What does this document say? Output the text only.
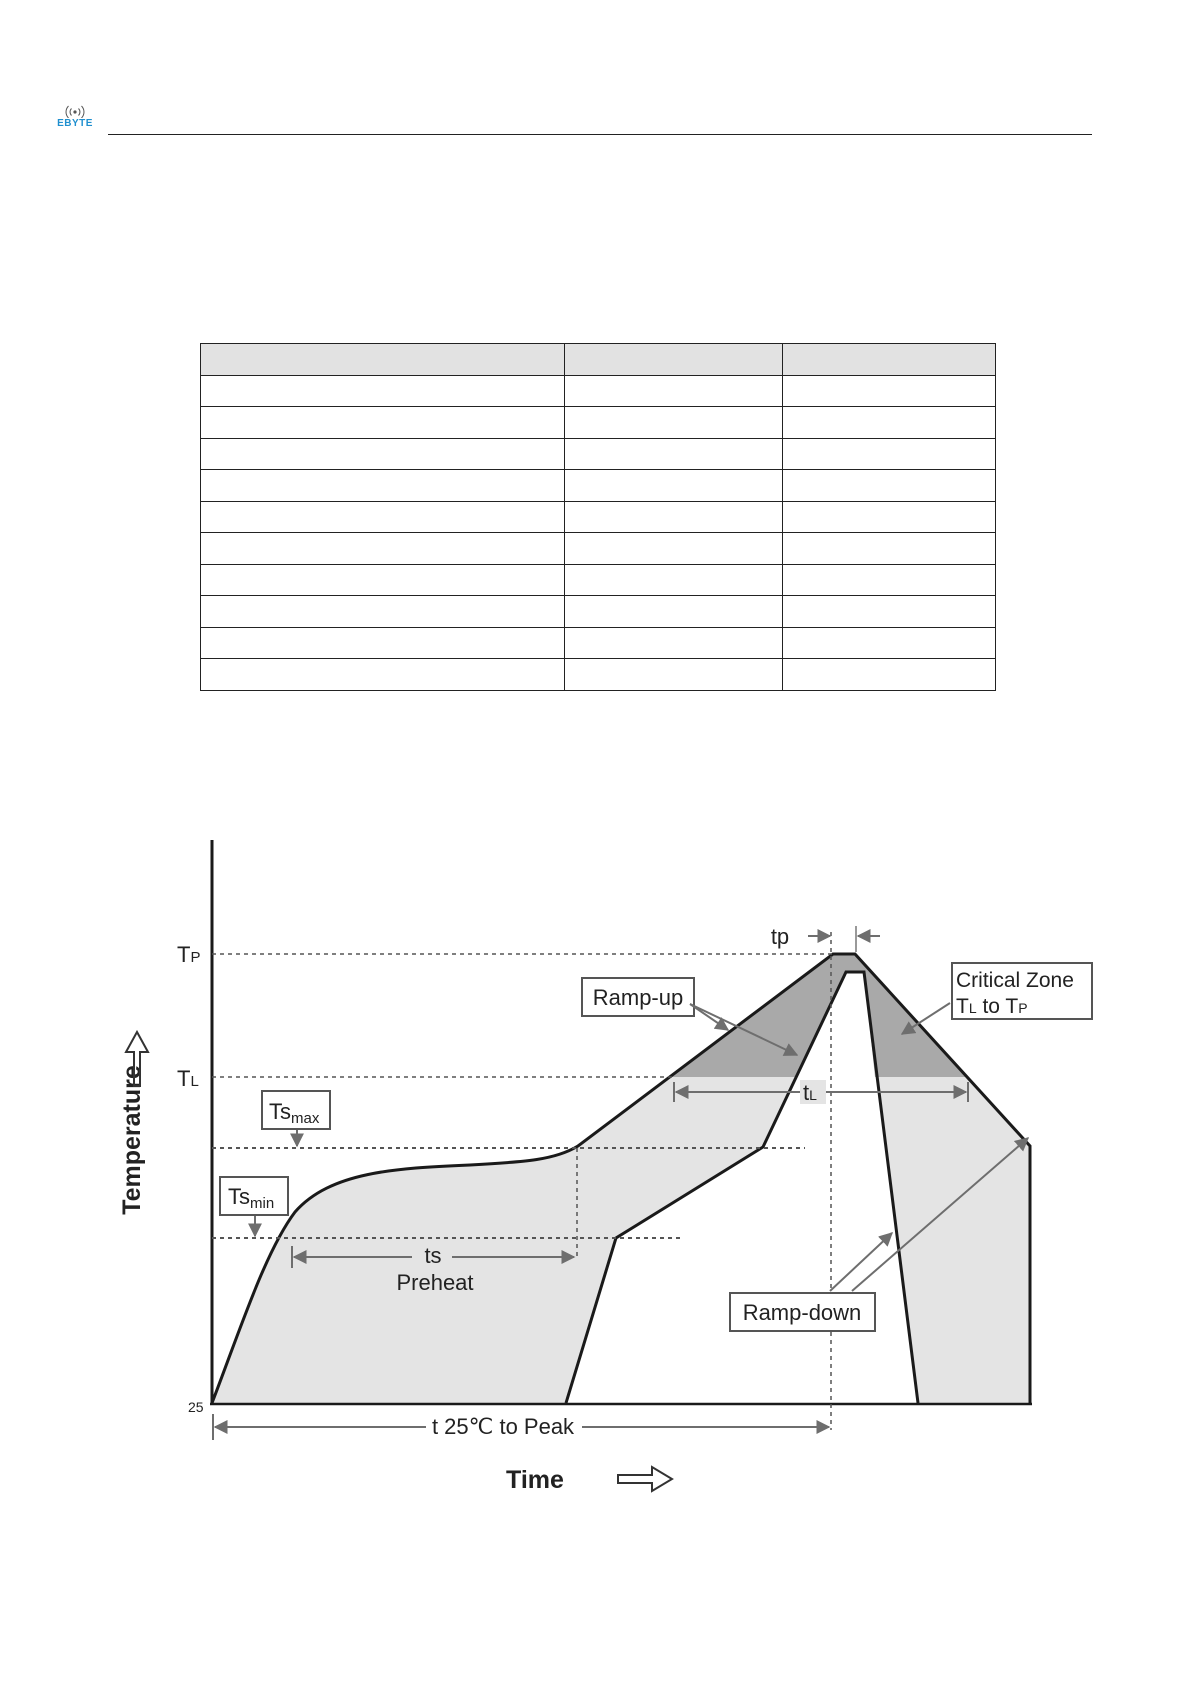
EBYTE

Temperature
Time
TP
TL
25
tp
tL
ts
Preheat
Tsmax
Tsmin
Ramp-up
Critical Zone
TL to TP
Ramp-down
t 25℃ to Peak
